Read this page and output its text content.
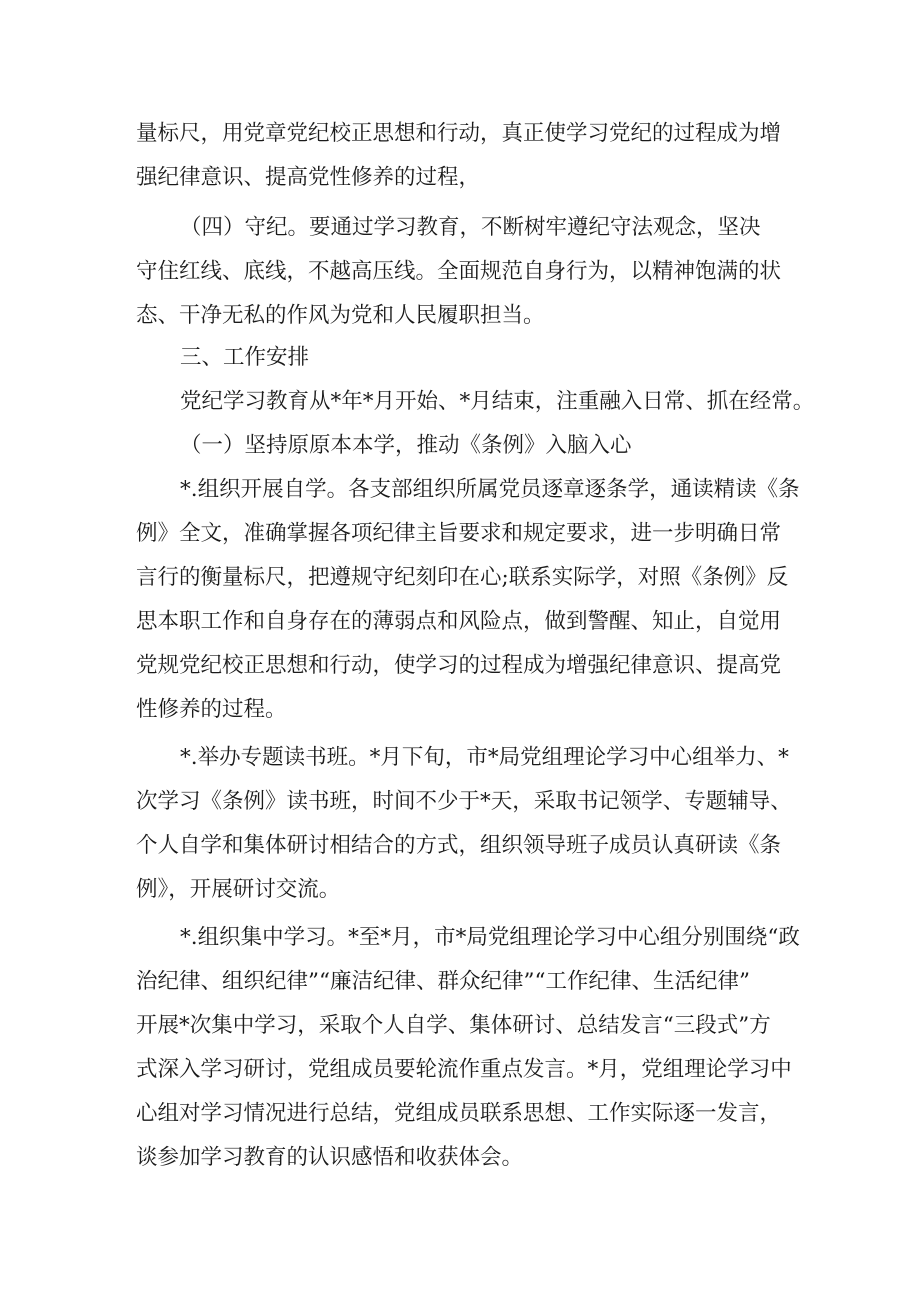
量标尺，用党章党纪校正思想和行动，真正使学习党纪的过程成为增
强纪律意识、提高党性修养的过程，
（四）守纪。要通过学习教育，不断树牢遵纪守法观念，坚决
守住红线、底线，不越高压线。全面规范自身行为，以精神饱满的状
态、干净无私的作风为党和人民履职担当。
三、工作安排
党纪学习教育从*年*月开始、*月结束，注重融入日常、抓在经常。
（一）坚持原原本本学，推动《条例》入脑入心
*.组织开展自学。各支部组织所属党员逐章逐条学，通读精读《条
例》全文，准确掌握各项纪律主旨要求和规定要求，进一步明确日常
言行的衡量标尺，把遵规守纪刻印在心;联系实际学，对照《条例》反
思本职工作和自身存在的薄弱点和风险点，做到警醒、知止，自觉用
党规党纪校正思想和行动，使学习的过程成为增强纪律意识、提高党
性修养的过程。
*.举办专题读书班。*月下旬，市*局党组理论学习中心组举力、*
次学习《条例》读书班，时间不少于*天，采取书记领学、专题辅导、
个人自学和集体研讨相结合的方式，组织领导班子成员认真研读《条
例》，开展研讨交流。
*.组织集中学习。*至*月，市*局党组理论学习中心组分别围绕“政
治纪律、组织纪律”“廉洁纪律、群众纪律”“工作纪律、生活纪律”
开展*次集中学习，采取个人自学、集体研讨、总结发言“三段式”方
式深入学习研讨，党组成员要轮流作重点发言。*月，党组理论学习中
心组对学习情况进行总结，党组成员联系思想、工作实际逐一发言，
谈参加学习教育的认识感悟和收获体会。
